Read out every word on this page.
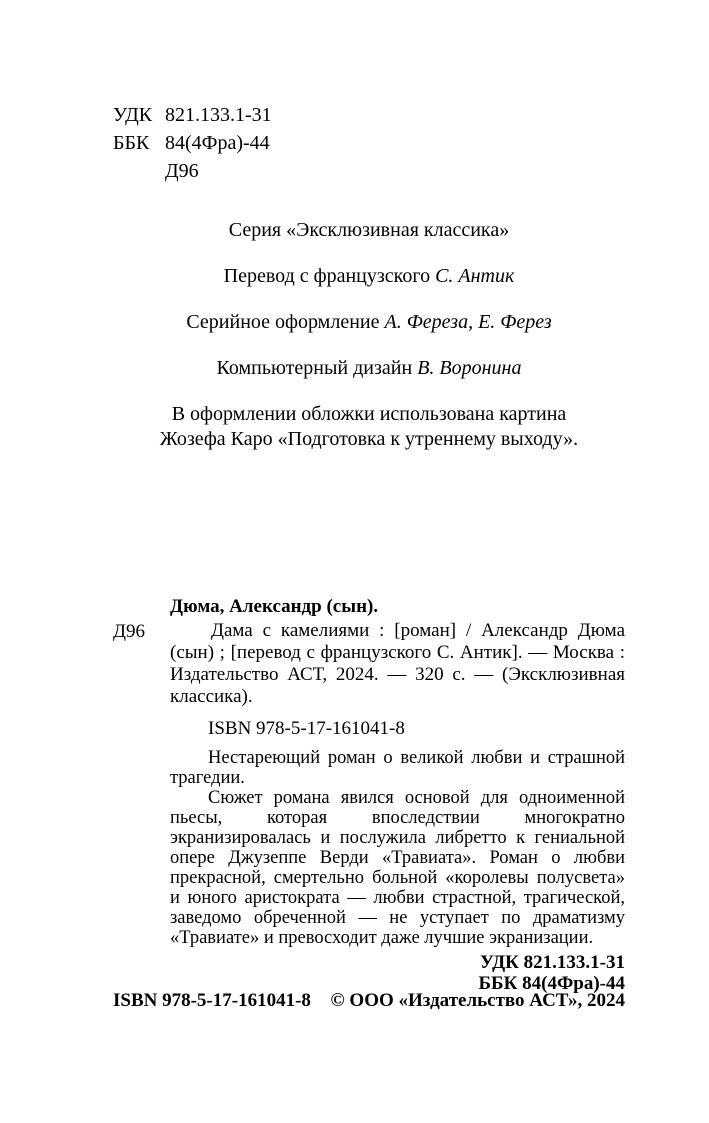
УДК 821.133.1-31
ББК 84(4Фра)-44
Д96

Серия «Эксклюзивная классика»

Перевод с французского С. Антик

Серийное оформление А. Фереза, Е. Ферез

Компьютерный дизайн В. Воронина

В оформлении обложки использована картина

Жозефа Каро «Подготовка к утреннему выходу».

Дюма, Александр (сын).
Д96	Дама с камелиями : [роман] / Александр Дюма (сын) ; [перевод с французского С. Антик]. — Москва : Издательство АСТ, 2024. — 320 с. — (Эксклюзивная классика).

ISBN 978-5-17-161041-8

Нестареющий роман о великой любви и страшной трагедии.

Сюжет романа явился основой для одноименной пьесы, которая впоследствии многократно экранизировалась и послужила либретто к гениальной опере Джузеппе Верди «Травиата». Роман о любви прекрасной, смертельно больной «королевы полусвета» и юного аристократа — любви страстной, трагической, заведомо обреченной — не уступает по драматизму «Травиате» и превосходит даже лучшие экранизации.

УДК 821.133.1-31
ББК 84(4Фра)-44
ISBN 978-5-17-161041-8 © ООО «Издательство АСТ», 2024
